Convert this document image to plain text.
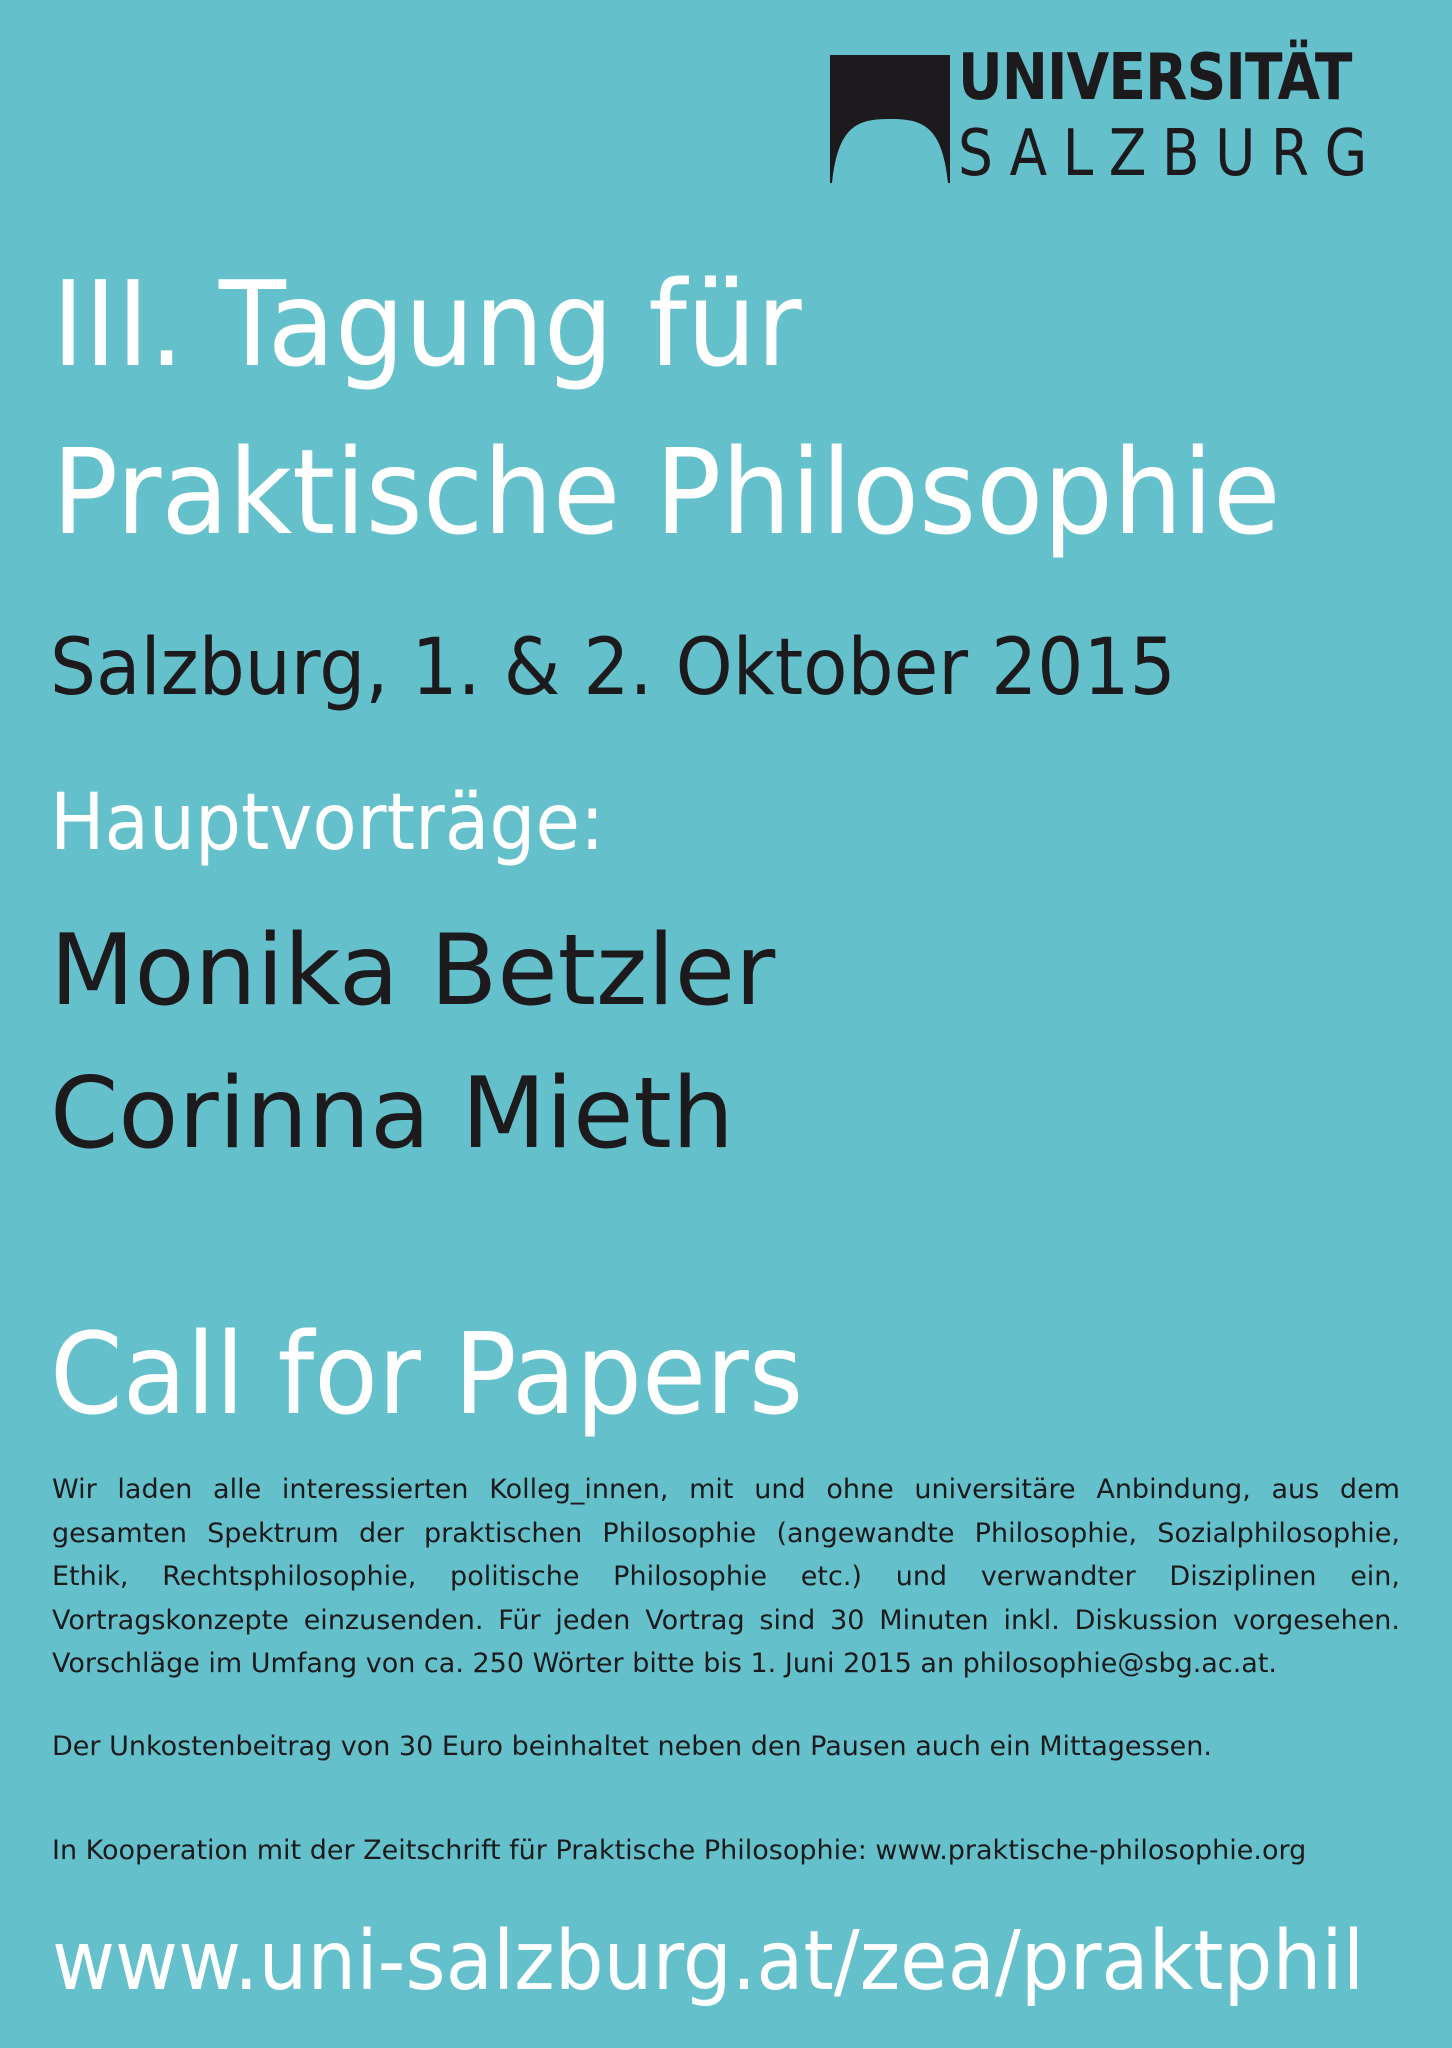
UNIVERSITÄT
SALZBURG
III. Tagung für
Praktische Philosophie
Salzburg, 1. & 2. Oktober 2015
Hauptvorträge:
Monika Betzler
Corinna Mieth
Call for Papers
Wir laden alle interessierten Kolleg_innen, mit und ohne universitäre Anbindung, aus dem gesamten Spektrum der praktischen Philosophie (angewandte Philosophie, Sozialphilosophie, Ethik, Rechtsphilosophie, politische Philosophie etc.) und verwandter Disziplinen ein, Vortragskonzepte einzusenden. Für jeden Vortrag sind 30 Minuten inkl. Diskussion vorgesehen. Vorschläge im Umfang von ca. 250 Wörter bitte bis 1. Juni 2015 an philosophie@sbg.ac.at.
Der Unkostenbeitrag von 30 Euro beinhaltet neben den Pausen auch ein Mittagessen.
In Kooperation mit der Zeitschrift für Praktische Philosophie: www.praktische-philosophie.org
www.uni-salzburg.at/zea/praktphil
